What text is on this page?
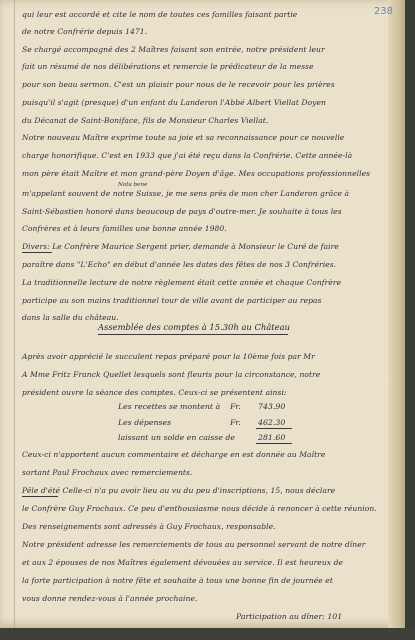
238
qui leur est accordé et cite le nom de toutes ces familles faisant partie
de notre Confrérie depuis 1471.
Se chargé accompagné des 2 Maîtres faisant son entrée, notre président leur
fait un résumé de nos délibérations et remercie le prédicateur de la messe
pour son beau sermon. C'est un plaisir pour nous de le recevoir pour les prières
puisqu'il s'agit (presque) d'un enfant du Landeron l'Abbé Albert Viellat Doyen
du Décanat de Saint-Boniface, fils de Monsieur Charles Viellat.
Notre nouveau Maître exprime toute sa joie et sa reconnaissance pour ce nouvelle
charge honorifique. C'est en 1933 que j'ai été reçu dans la Confrérie. Cette année-là
mon père était Maître et mon grand-père Doyen d'âge. Mes occupations professionnelles
Nota bene
m'appelant souvent de notre Suisse, je me sens près de mon cher Landeron grâce à
Saint-Sébastien honoré dans beaucoup de pays d'outre-mer. Je souhaite à tous les
Confrères et à leurs familles une bonne année 1980.
Divers: Le Confrère Maurice Sergent prier, demande à Monsieur le Curé de faire
paraître dans "L'Echo" en début d'année les dates des fêtes de nos 3 Confréries.
La traditionnelle lecture de notre règlement était cette année et chaque Confrère
participe au son mains traditionnel tour de ville avant de participer au repas
dans la salle du château.
Assemblée des comptes à 15.30h au Château
Après avoir apprécié le succulent repas préparé pour la 10ème fois par Mr
A Mme Fritz Franck Quellet lesquels sont fleuris pour la circonstance, notre
président ouvre la séance des comptes. Ceux-ci se présentent ainsi:
Les recettes se montent à Fr. 743.90
Les dépenses	Fr. 462.30
laissant un solde en caisse de	281.60
Ceux-ci n'apportent aucun commentaire et décharge en est donnée au Maître
sortant Paul Frochaux avec remerciements.
Pêle d'été Celle-ci n'a pu avoir lieu au vu du peu d'inscriptions, 15, nous déclare
le Confrère Guy Frochaux. Ce peu d'enthousiasme nous décide à renoncer à cette réunion.
Des renseignements sont adressés à Guy Frochaux, responsable.
Notre président adresse les remerciements de tous au personnel servant de notre dîner
et aux 2 épouses de nos Maîtres également dévouées au service. Il est heureux de
la forte participation à notre fête et souhaite à tous une bonne fin de journée et
vous donne rendez-vous à l'année prochaine.
Participation au dîner: 101
